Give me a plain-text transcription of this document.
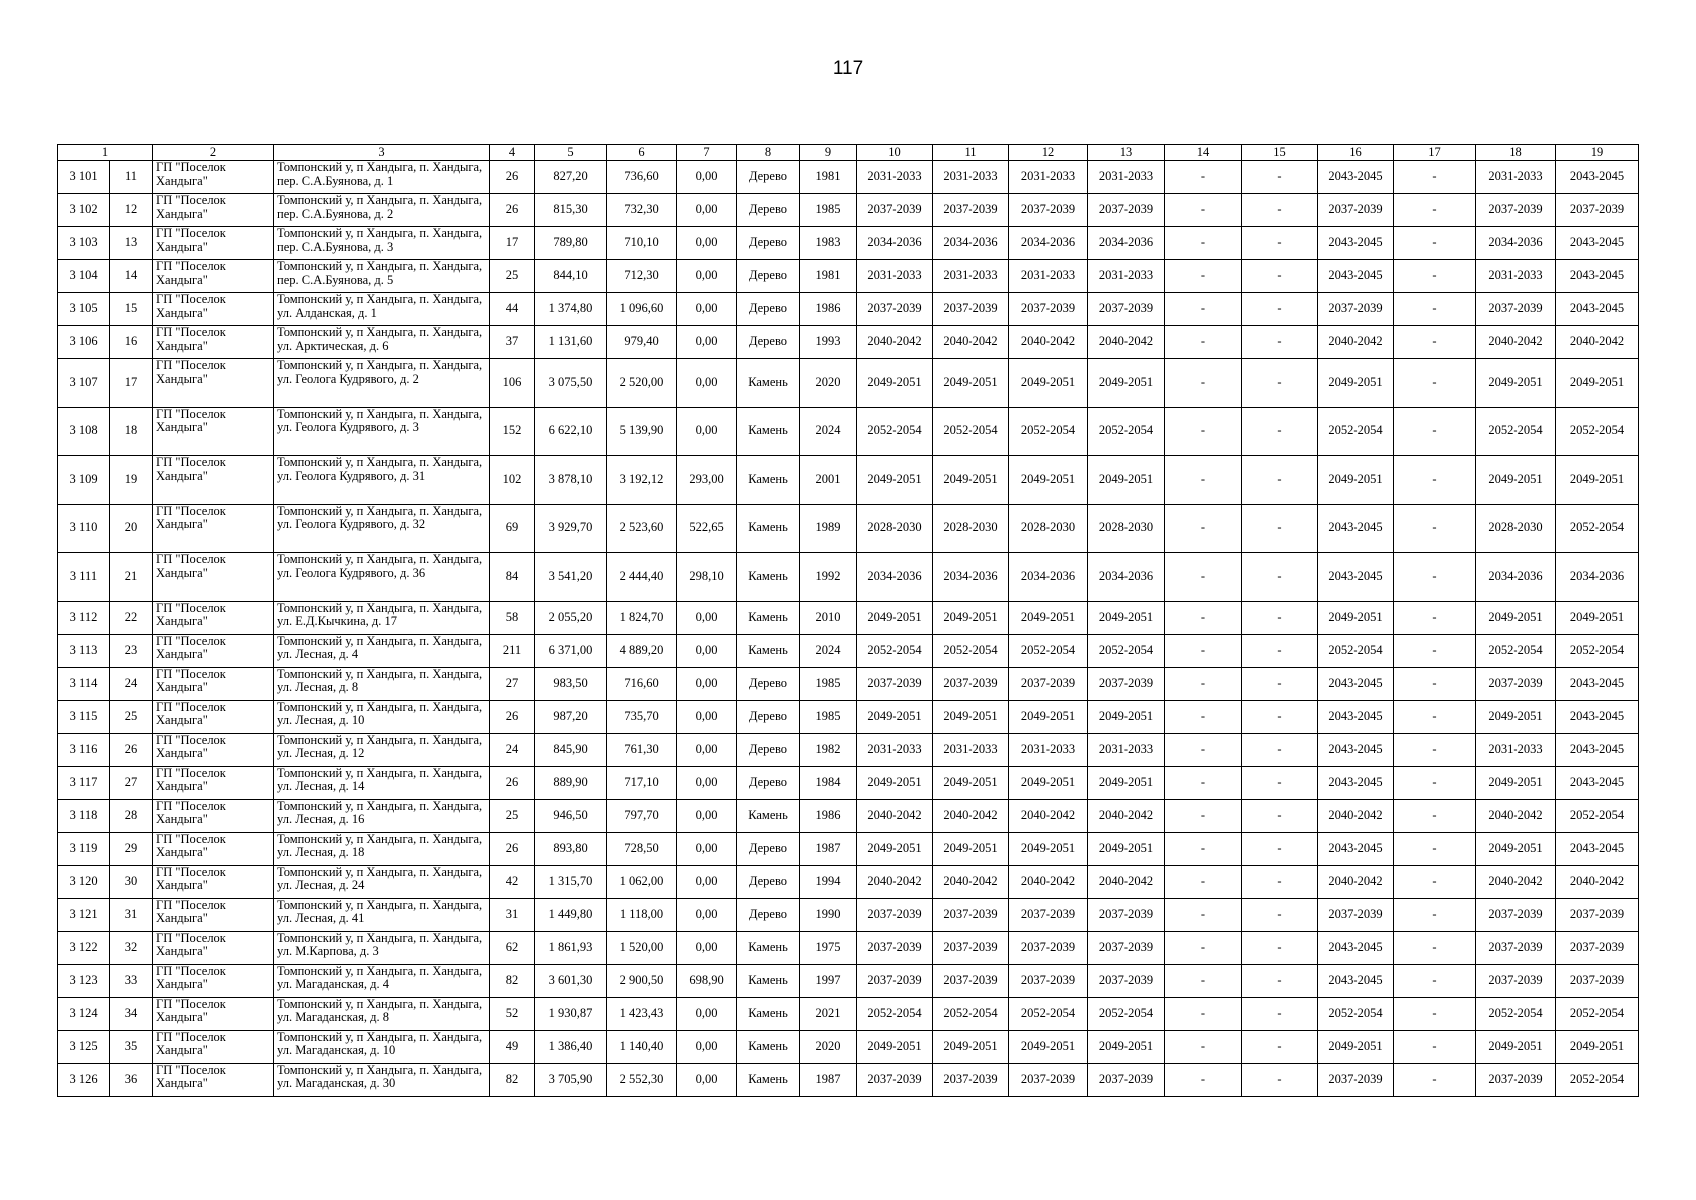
117
1		2	3	4	5	6	7	8	9	10	11	12	13	14	15	16	17	18	19
3 101	11	ГП "Поселок Хандыга"	Томпонский у, п Хандыга, п. Хандыга, пер. С.А.Буянова, д. 1	26	827,20	736,60	0,00	Дерево	1981	2031-2033	2031-2033	2031-2033	2031-2033	-	-	2043-2045	-	2031-2033	2043-2045
3 102	12	ГП "Поселок Хандыга"	Томпонский у, п Хандыга, п. Хандыга, пер. С.А.Буянова, д. 2	26	815,30	732,30	0,00	Дерево	1985	2037-2039	2037-2039	2037-2039	2037-2039	-	-	2037-2039	-	2037-2039	2037-2039
3 103	13	ГП "Поселок Хандыга"	Томпонский у, п Хандыга, п. Хандыга, пер. С.А.Буянова, д. 3	17	789,80	710,10	0,00	Дерево	1983	2034-2036	2034-2036	2034-2036	2034-2036	-	-	2043-2045	-	2034-2036	2043-2045
3 104	14	ГП "Поселок Хандыга"	Томпонский у, п Хандыга, п. Хандыга, пер. С.А.Буянова, д. 5	25	844,10	712,30	0,00	Дерево	1981	2031-2033	2031-2033	2031-2033	2031-2033	-	-	2043-2045	-	2031-2033	2043-2045
3 105	15	ГП "Поселок Хандыга"	Томпонский у, п Хандыга, п. Хандыга, ул. Алданская, д. 1	44	1 374,80	1 096,60	0,00	Дерево	1986	2037-2039	2037-2039	2037-2039	2037-2039	-	-	2037-2039	-	2037-2039	2043-2045
3 106	16	ГП "Поселок Хандыга"	Томпонский у, п Хандыга, п. Хандыга, ул. Арктическая, д. 6	37	1 131,60	979,40	0,00	Дерево	1993	2040-2042	2040-2042	2040-2042	2040-2042	-	-	2040-2042	-	2040-2042	2040-2042
3 107	17	ГП "Поселок Хандыга"	Томпонский у, п Хандыга, п. Хандыга, ул. Геолога Кудрявого, д. 2	106	3 075,50	2 520,00	0,00	Камень	2020	2049-2051	2049-2051	2049-2051	2049-2051	-	-	2049-2051	-	2049-2051	2049-2051
3 108	18	ГП "Поселок Хандыга"	Томпонский у, п Хандыга, п. Хандыга, ул. Геолога Кудрявого, д. 3	152	6 622,10	5 139,90	0,00	Камень	2024	2052-2054	2052-2054	2052-2054	2052-2054	-	-	2052-2054	-	2052-2054	2052-2054
3 109	19	ГП "Поселок Хандыга"	Томпонский у, п Хандыга, п. Хандыга, ул. Геолога Кудрявого, д. 31	102	3 878,10	3 192,12	293,00	Камень	2001	2049-2051	2049-2051	2049-2051	2049-2051	-	-	2049-2051	-	2049-2051	2049-2051
3 110	20	ГП "Поселок Хандыга"	Томпонский у, п Хандыга, п. Хандыга, ул. Геолога Кудрявого, д. 32	69	3 929,70	2 523,60	522,65	Камень	1989	2028-2030	2028-2030	2028-2030	2028-2030	-	-	2043-2045	-	2028-2030	2052-2054
3 111	21	ГП "Поселок Хандыга"	Томпонский у, п Хандыга, п. Хандыга, ул. Геолога Кудрявого, д. 36	84	3 541,20	2 444,40	298,10	Камень	1992	2034-2036	2034-2036	2034-2036	2034-2036	-	-	2043-2045	-	2034-2036	2034-2036
3 112	22	ГП "Поселок Хандыга"	Томпонский у, п Хандыга, п. Хандыга, ул. Е.Д.Кычкина, д. 17	58	2 055,20	1 824,70	0,00	Камень	2010	2049-2051	2049-2051	2049-2051	2049-2051	-	-	2049-2051	-	2049-2051	2049-2051
3 113	23	ГП "Поселок Хандыга"	Томпонский у, п Хандыга, п. Хандыга, ул. Лесная, д. 4	211	6 371,00	4 889,20	0,00	Камень	2024	2052-2054	2052-2054	2052-2054	2052-2054	-	-	2052-2054	-	2052-2054	2052-2054
3 114	24	ГП "Поселок Хандыга"	Томпонский у, п Хандыга, п. Хандыга, ул. Лесная, д. 8	27	983,50	716,60	0,00	Дерево	1985	2037-2039	2037-2039	2037-2039	2037-2039	-	-	2043-2045	-	2037-2039	2043-2045
3 115	25	ГП "Поселок Хандыга"	Томпонский у, п Хандыга, п. Хандыга, ул. Лесная, д. 10	26	987,20	735,70	0,00	Дерево	1985	2049-2051	2049-2051	2049-2051	2049-2051	-	-	2043-2045	-	2049-2051	2043-2045
3 116	26	ГП "Поселок Хандыга"	Томпонский у, п Хандыга, п. Хандыга, ул. Лесная, д. 12	24	845,90	761,30	0,00	Дерево	1982	2031-2033	2031-2033	2031-2033	2031-2033	-	-	2043-2045	-	2031-2033	2043-2045
3 117	27	ГП "Поселок Хандыга"	Томпонский у, п Хандыга, п. Хандыга, ул. Лесная, д. 14	26	889,90	717,10	0,00	Дерево	1984	2049-2051	2049-2051	2049-2051	2049-2051	-	-	2043-2045	-	2049-2051	2043-2045
3 118	28	ГП "Поселок Хандыга"	Томпонский у, п Хандыга, п. Хандыга, ул. Лесная, д. 16	25	946,50	797,70	0,00	Камень	1986	2040-2042	2040-2042	2040-2042	2040-2042	-	-	2040-2042	-	2040-2042	2052-2054
3 119	29	ГП "Поселок Хандыга"	Томпонский у, п Хандыга, п. Хандыга, ул. Лесная, д. 18	26	893,80	728,50	0,00	Дерево	1987	2049-2051	2049-2051	2049-2051	2049-2051	-	-	2043-2045	-	2049-2051	2043-2045
3 120	30	ГП "Поселок Хандыга"	Томпонский у, п Хандыга, п. Хандыга, ул. Лесная, д. 24	42	1 315,70	1 062,00	0,00	Дерево	1994	2040-2042	2040-2042	2040-2042	2040-2042	-	-	2040-2042	-	2040-2042	2040-2042
3 121	31	ГП "Поселок Хандыга"	Томпонский у, п Хандыга, п. Хандыга, ул. Лесная, д. 41	31	1 449,80	1 118,00	0,00	Дерево	1990	2037-2039	2037-2039	2037-2039	2037-2039	-	-	2037-2039	-	2037-2039	2037-2039
3 122	32	ГП "Поселок Хандыга"	Томпонский у, п Хандыга, п. Хандыга, ул. М.Карпова, д. 3	62	1 861,93	1 520,00	0,00	Камень	1975	2037-2039	2037-2039	2037-2039	2037-2039	-	-	2043-2045	-	2037-2039	2037-2039
3 123	33	ГП "Поселок Хандыга"	Томпонский у, п Хандыга, п. Хандыга, ул. Магаданская, д. 4	82	3 601,30	2 900,50	698,90	Камень	1997	2037-2039	2037-2039	2037-2039	2037-2039	-	-	2043-2045	-	2037-2039	2037-2039
3 124	34	ГП "Поселок Хандыга"	Томпонский у, п Хандыга, п. Хандыга, ул. Магаданская, д. 8	52	1 930,87	1 423,43	0,00	Камень	2021	2052-2054	2052-2054	2052-2054	2052-2054	-	-	2052-2054	-	2052-2054	2052-2054
3 125	35	ГП "Поселок Хандыга"	Томпонский у, п Хандыга, п. Хандыга, ул. Магаданская, д. 10	49	1 386,40	1 140,40	0,00	Камень	2020	2049-2051	2049-2051	2049-2051	2049-2051	-	-	2049-2051	-	2049-2051	2049-2051
3 126	36	ГП "Поселок Хандыга"	Томпонский у, п Хандыга, п. Хандыга, ул. Магаданская, д. 30	82	3 705,90	2 552,30	0,00	Камень	1987	2037-2039	2037-2039	2037-2039	2037-2039	-	-	2037-2039	-	2037-2039	2052-2054
